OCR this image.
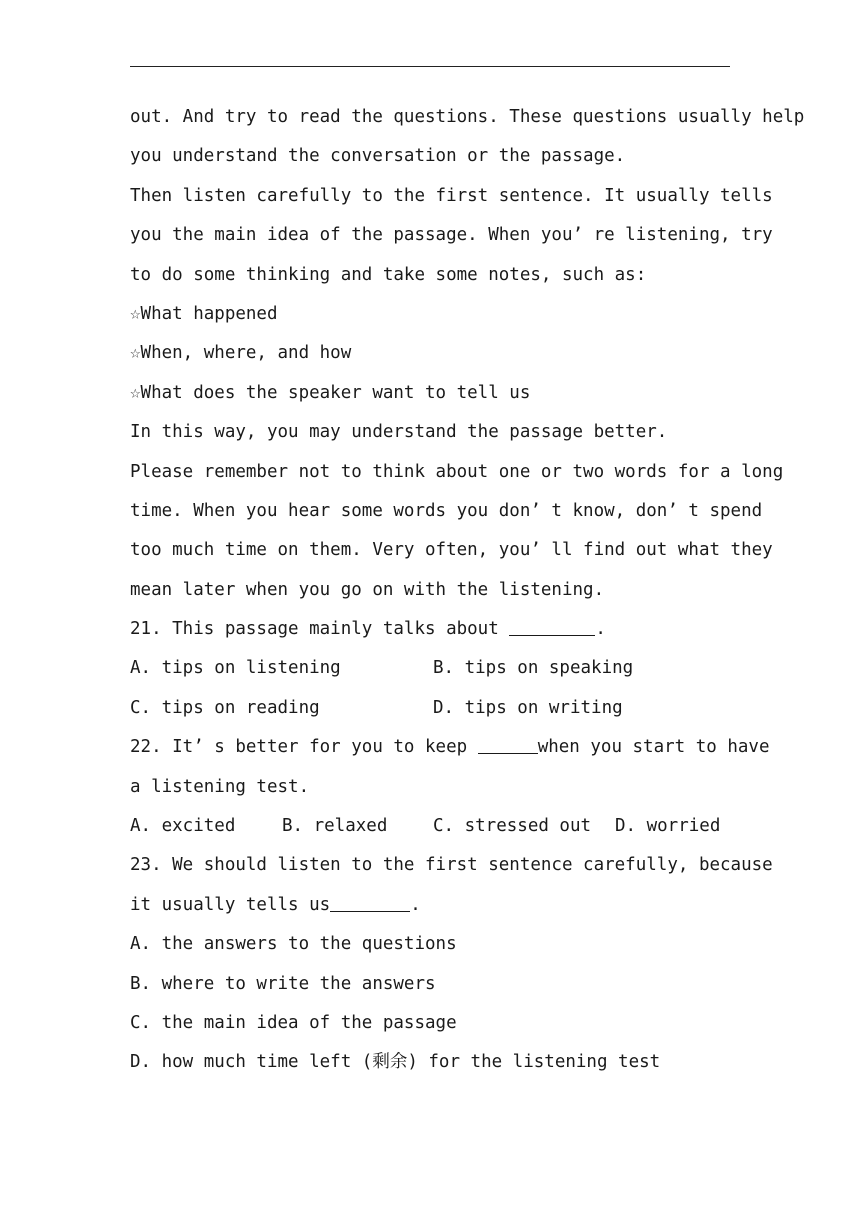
out. And try to read the questions. These questions usually help
you understand the conversation or the passage.
Then listen carefully to the first sentence. It usually tells
you the main idea of the passage. When you’ re listening, try
to do some thinking and take some notes, such as:
☆What happened
☆When, where, and how
☆What does the speaker want to tell us
In this way, you may understand the passage better.
Please remember not to think about one or two words for a long
time. When you hear some words you don’ t know, don’ t spend
too much time on them. Very often, you’ ll find out what they
mean later when you go on with the listening.
21. This passage mainly talks about	.
A. tips on listening	B. tips on speaking
C. tips on reading	D. tips on writing
22. It’ s better for you to keep	when you start to have
a listening test.
A. excited	B. relaxed	C. stressed out	D. worried
23. We should listen to the first sentence carefully, because
it usually tells us	.
A. the answers to the questions
B. where to write the answers
C. the main idea of the passage
D. how much time left (剩余) for the listening test
